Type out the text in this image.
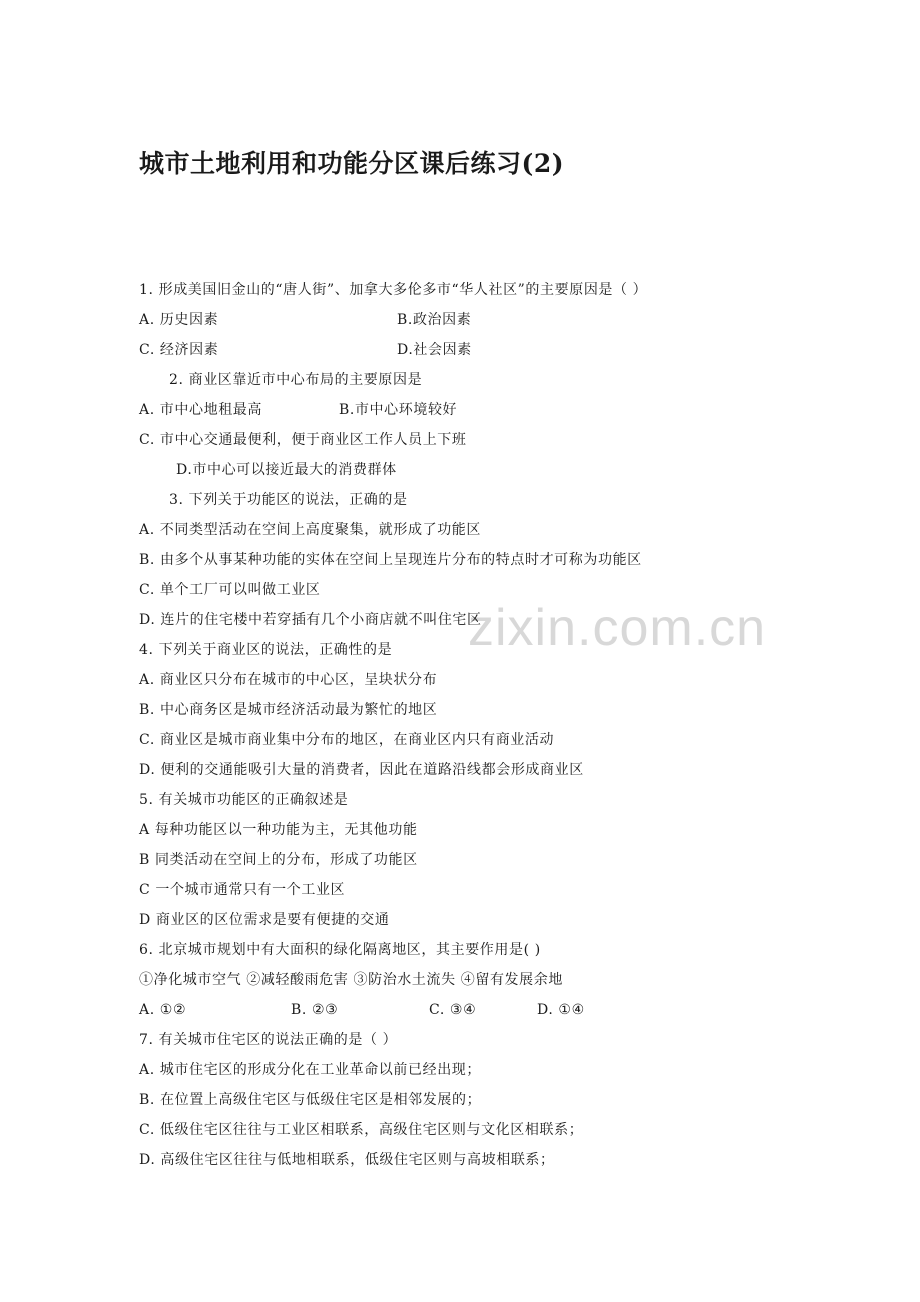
城市土地利用和功能分区课后练习(2)
zixin.com.cn
1. 形成美国旧金山的“唐人街”、加拿大多伦多市“华人社区”的主要原因是（ ）
A. 历史因素	B.政治因素
C. 经济因素	D.社会因素
2. 商业区靠近市中心布局的主要原因是
A. 市中心地租最高	B.市中心环境较好
C. 市中心交通最便利，便于商业区工作人员上下班
D.市中心可以接近最大的消费群体
3. 下列关于功能区的说法，正确的是
A. 不同类型活动在空间上高度聚集，就形成了功能区
B. 由多个从事某种功能的实体在空间上呈现连片分布的特点时才可称为功能区
C. 单个工厂可以叫做工业区
D. 连片的住宅楼中若穿插有几个小商店就不叫住宅区
4. 下列关于商业区的说法，正确性的是
A. 商业区只分布在城市的中心区，呈块状分布
B. 中心商务区是城市经济活动最为繁忙的地区
C. 商业区是城市商业集中分布的地区，在商业区内只有商业活动
D. 便利的交通能吸引大量的消费者，因此在道路沿线都会形成商业区
5. 有关城市功能区的正确叙述是
A 每种功能区以一种功能为主，无其他功能
B 同类活动在空间上的分布，形成了功能区
C 一个城市通常只有一个工业区
D 商业区的区位需求是要有便捷的交通
6. 北京城市规划中有大面积的绿化隔离地区，其主要作用是( )
①净化城市空气 ②减轻酸雨危害 ③防治水土流失 ④留有发展余地
A. ①②	B. ②③	C. ③④	D. ①④
7. 有关城市住宅区的说法正确的是（ ）
A. 城市住宅区的形成分化在工业革命以前已经出现；
B. 在位置上高级住宅区与低级住宅区是相邻发展的；
C. 低级住宅区往往与工业区相联系，高级住宅区则与文化区相联系；
D. 高级住宅区往往与低地相联系，低级住宅区则与高坡相联系；
